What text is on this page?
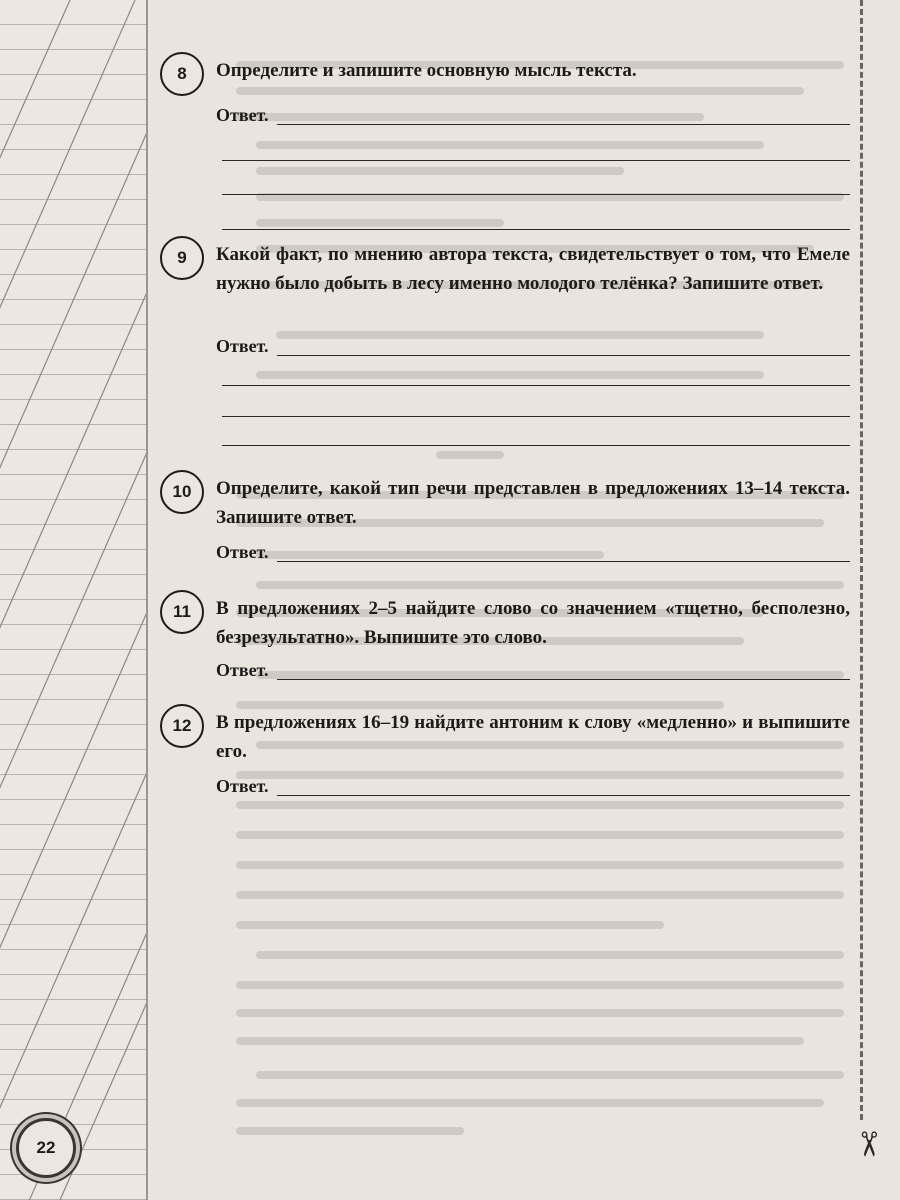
8	Определите и запишите основную мысль текста.

Ответ.
9	Какой факт, по мнению автора текста, свидетельствует о том, что Емеле нужно было добыть в лесу именно молодого телёнка? Запишите ответ.

Ответ.
10	Определите, какой тип речи представлен в предложениях 13–14 текста. Запишите ответ.

Ответ.
11	В предложениях 2–5 найдите слово со значением «тщетно, бесполезно, безрезультатно». Выпишите это слово.

Ответ.
12	В предложениях 16–19 найдите антоним к слову «медленно» и выпишите его.

Ответ.
✂
22
